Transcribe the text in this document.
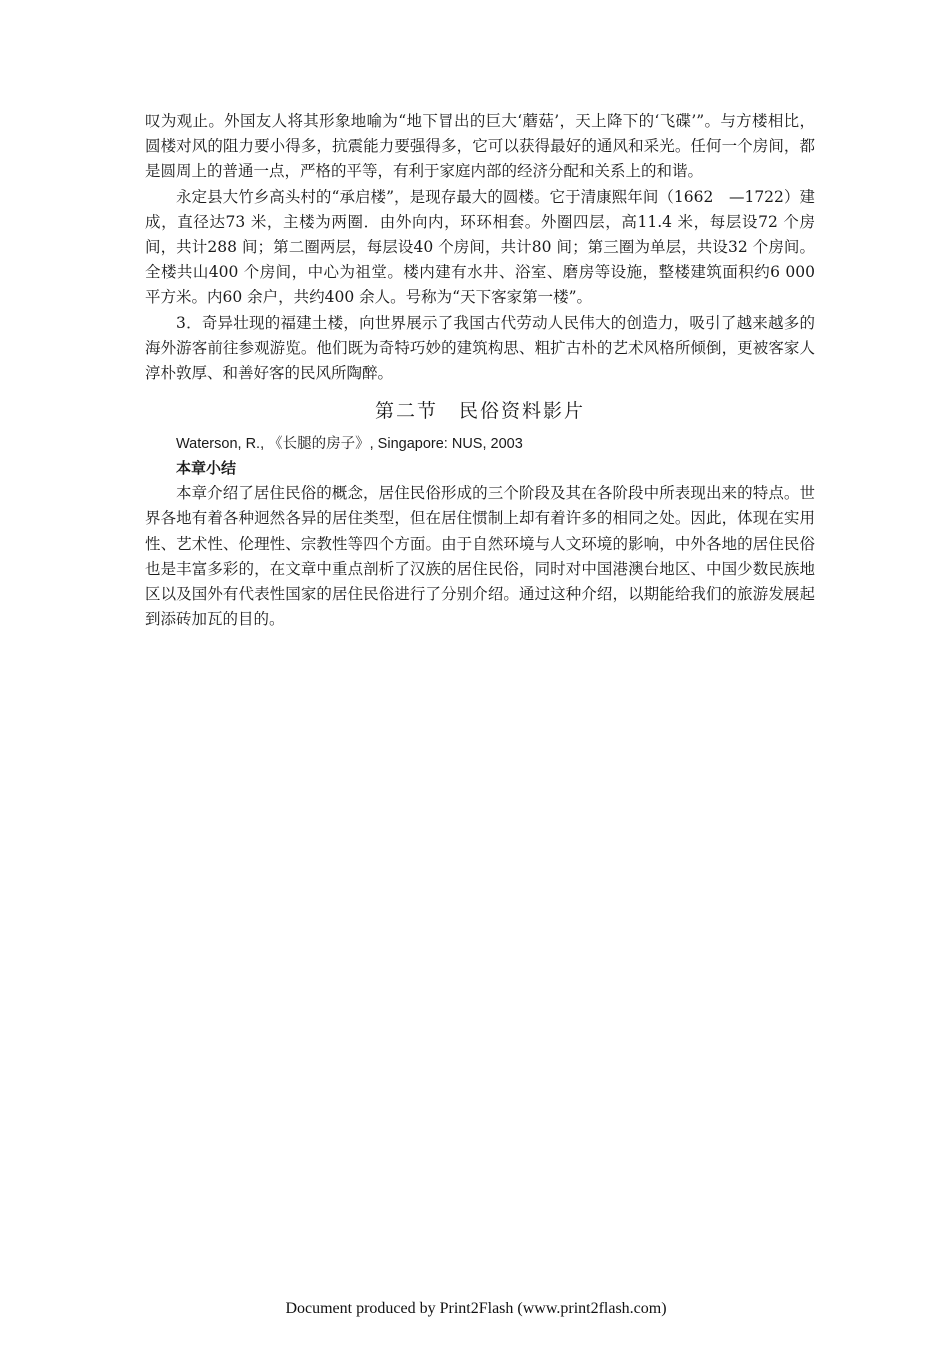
叹为观止。外国友人将其形象地喻为“地下冒出的巨大‘蘑菇’，天上降下的‘飞碟’”。与方楼相比，圆楼对风的阻力要小得多，抗震能力要强得多，它可以获得最好的通风和采光。任何一个房间，都是圆周上的普通一点，严格的平等，有利于家庭内部的经济分配和关系上的和谐。

永定县大竹乡高头村的“承启楼”，是现存最大的圆楼。它于清康熙年间（1662　—1722）建成，直径达73 米，主楼为两圈．由外向内，环环相套。外圈四层，高11.4 米，每层设72 个房间，共计288 间；第二圈两层，每层设40 个房间，共计80 间；第三圈为单层，共设32 个房间。全楼共山400 个房间，中心为祖堂。楼内建有水井、浴室、磨房等设施，整楼建筑面积约6 000 平方米。内60 余户，共约400 余人。号称为“天下客家第一楼”。

3．奇异壮现的福建土楼，向世界展示了我国古代劳动人民伟大的创造力，吸引了越来越多的海外游客前往参观游览。他们既为奇特巧妙的建筑构思、粗扩古朴的艺术风格所倾倒，更被客家人淳朴敦厚、和善好客的民风所陶醉。

第二节　民俗资料影片

Waterson, R., 《长腿的房子》, Singapore: NUS, 2003

本章小结

本章介绍了居住民俗的概念，居住民俗形成的三个阶段及其在各阶段中所表现出来的特点。世界各地有着各种迥然各异的居住类型，但在居住惯制上却有着许多的相同之处。因此，体现在实用性、艺术性、伦理性、宗教性等四个方面。由于自然环境与人文环境的影响，中外各地的居住民俗也是丰富多彩的，在文章中重点剖析了汉族的居住民俗，同时对中国港澳台地区、中国少数民族地区以及国外有代表性国家的居住民俗进行了分别介绍。通过这种介绍，以期能给我们的旅游发展起到添砖加瓦的目的。

Document produced by Print2Flash (www.print2flash.com)
